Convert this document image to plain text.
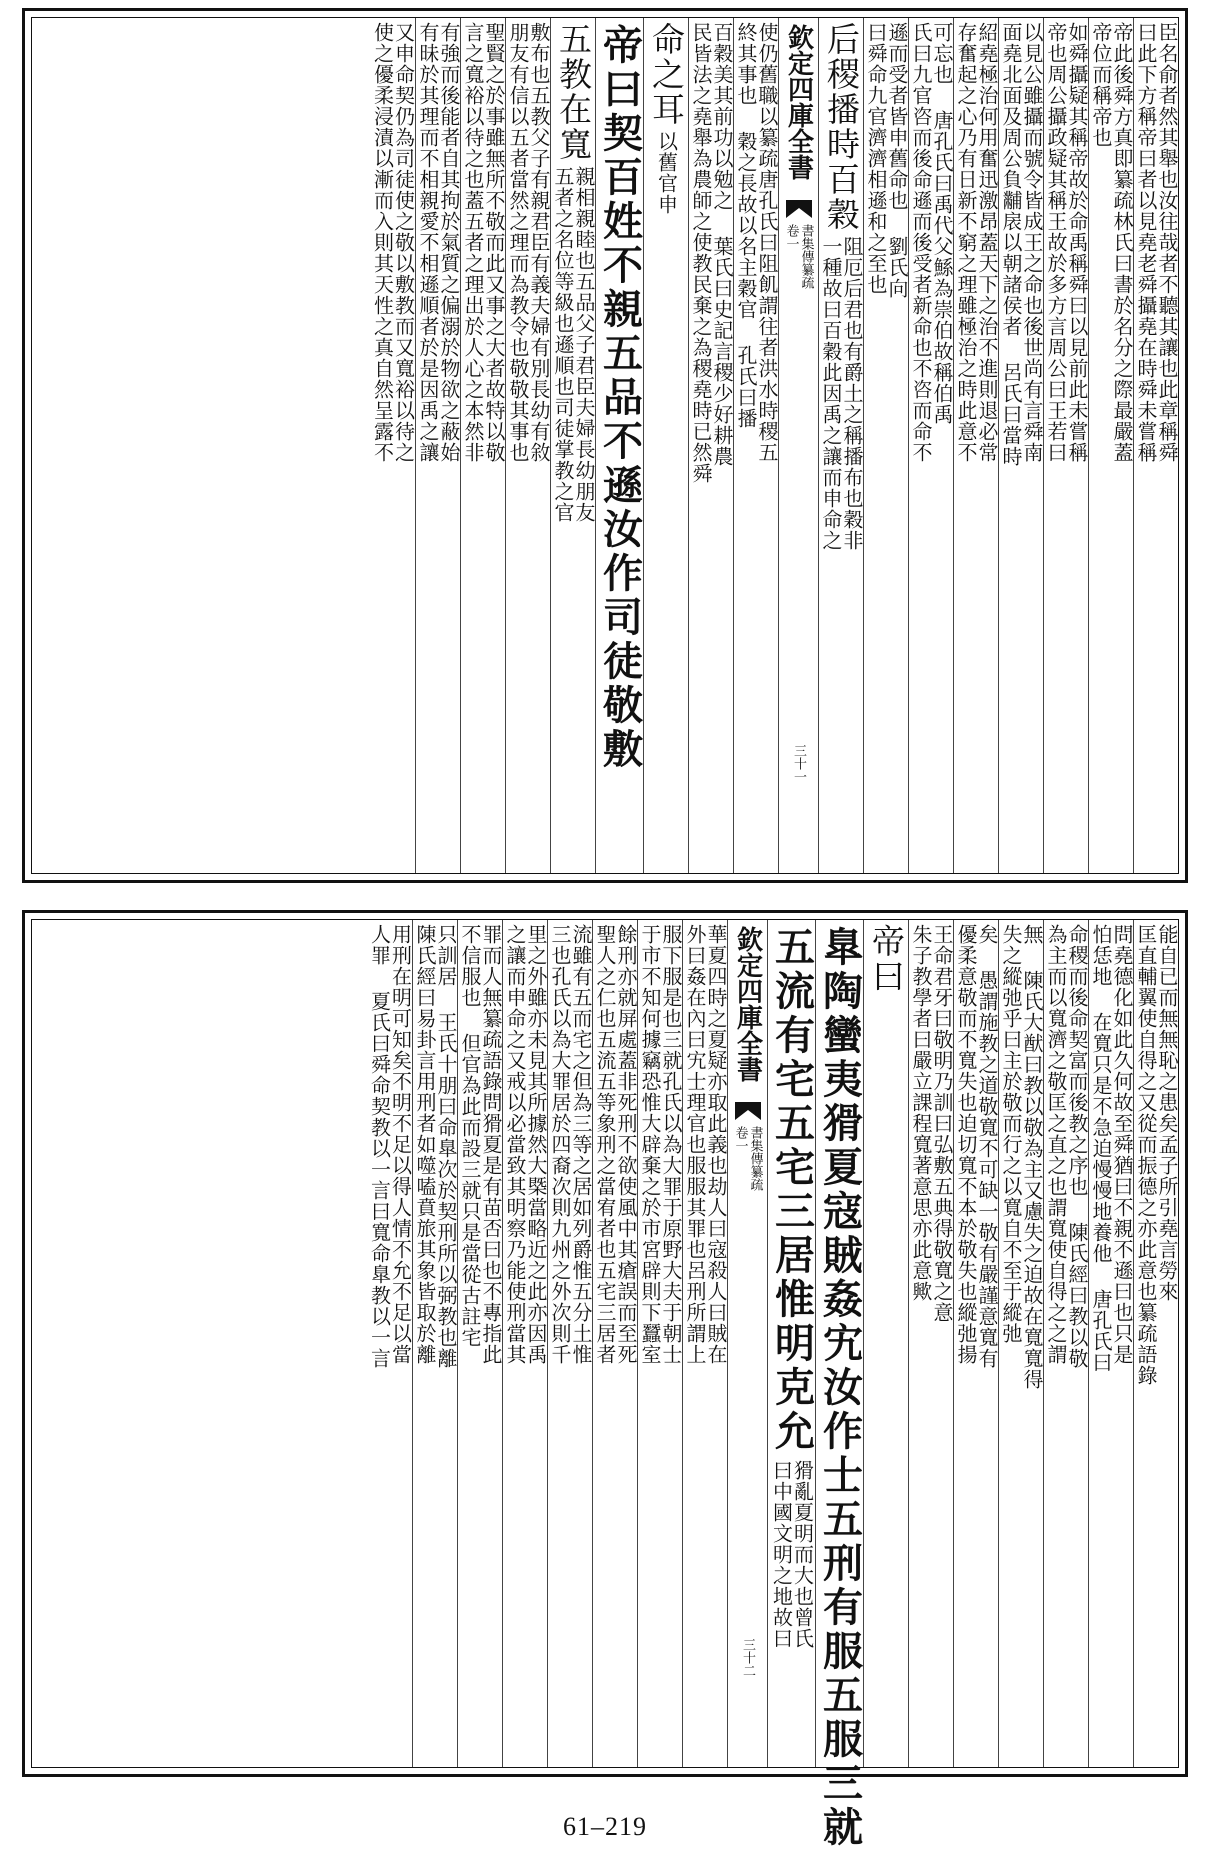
臣名俞者然其舉也汝往哉者不聽其讓也此章稱舜
曰此下方稱帝曰者以見堯老舜攝堯在時舜未嘗稱
帝此後舜方真即纂疏林氏曰書於名分之際最嚴蓋
帝位而稱帝也
如舜攝疑其稱帝故於命禹稱舜曰以見前此未嘗稱
帝也周公攝政疑其稱王故於多方言周公曰王若曰
以見公雖攝而號令皆成王之命也後世尚有言舜南
面堯北面及周公負黼扆以朝諸侯者 呂氏曰當時
紹堯極治何用奮迅激昂蓋天下之治不進則退必常
存奮起之心乃有日新不窮之理雖極治之時此意不
可忘也 唐孔氏曰禹代父鯀為崇伯故稱伯禹
氏曰九官咨而後命遜而後受者新命也不咨而命不
遜而受者皆申舊命也 劉氏向
曰舜命九官濟濟相遜和之至也
后稷播時百穀
阻厄后君也有爵土之稱播布也穀非
一種故曰百穀此因禹之讓而申命之
欽定四庫全書
書集傳纂疏
卷一
三十一
使仍舊職以纂疏唐孔氏曰阻飢謂往者洪水時稷五
終其事也 穀之長故以名主穀官 孔氏曰播
百穀美其前功以勉之 葉氏曰史記言稷少好耕農
民皆法之堯舉為農師之使教民棄之為稷堯時已然舜
命之耳
以舊官申
帝曰契百姓不親五品不遜汝作司徒敬敷
五教在寬
親相親睦也五品父子君臣夫婦長幼朋友
五者之名位等級也遜順也司徒掌教之官
敷布也五教父子有親君臣有義夫婦有別長幼有敘
朋友有信以五者當然之理而為教令也敬敬其事也
聖賢之於事雖無所不敬而此又事之大者故特以敬
言之寬裕以待之也蓋五者之理出於人心之本然非
有強而後能者自其拘於氣質之偏溺於物欲之蔽始
有昧於其理而不相親愛不相遜順者於是因禹之讓
又申命契仍為司徒使之敬以敷教而又寬裕以待之
使之優柔浸漬以漸而入則其天性之真自然呈露不
能自已而無無恥之患矣孟子所引堯言勞來
匡直輔翼使自得之又從而振德之亦此意也纂疏語錄
問堯德化如此久何故至舜猶曰不親不遜曰也只是
怕恁地 在寬只是不急迫慢慢地養他 唐孔氏曰
命稷而後命契富而後教之序也 陳氏經曰教以敬
為主而以寬濟之敬匡之直之也謂寬使自得之之謂
無 陳氏大猷曰教以敬為主又慮失之迫故在寬寬得
失之縱弛乎曰主於敬而行之以寬自不至于縱弛
矣 愚謂施教之道敬寬不可缺一敬有嚴謹意寬有
優柔意敬而不寬失也迫切寬不本於敬失也縱弛揚
王命君牙曰敬明乃訓曰弘敷五典得敬寬之意
朱子教學者曰嚴立課程寬著意思亦此意歟
帝曰
臯陶蠻夷猾夏寇賊姦宄汝作士五刑有服五服三就
五流有宅五宅三居惟明克允
猾亂夏明而大也曾氏
曰中國文明之地故曰
欽定四庫全書
書集傳纂疏
卷一
三十二
華夏四時之夏疑亦取此義也劫人曰寇殺人曰賊在
外曰姦在內曰宄士理官也服服其罪也呂刑所謂上
服下服是也三就孔氏以為大罪于原野大夫于朝士
于市不知何據竊恐惟大辟棄之於市宮辟則下蠶室
餘刑亦就屏處蓋非死刑不欲使風中其瘡誤而至死
聖人之仁也五流五等象刑之當宥者也五宅三居者
流雖有五而宅之但為三等之居如列爵惟五分土惟
三也孔氏以為大罪居於四裔次則九州之外次則千
里之外雖亦未見其所據然大槩當略近之此亦因禹
之讓而申命之又戒以必當致其明察乃能使刑當其
罪而人無纂疏語錄問猾夏是有苗否曰也不專指此
不信服也 但官為此而設三就只是當從古註宅
只訓居 王氏十朋曰命臯次於契刑所以弼教也離
陳氏經曰易卦言用刑者如噬嗑賁旅其象皆取於離
用刑在明可知矣不明不足以得人情不允不足以當
人罪 夏氏曰舜命契教以一言曰寬命臯教以一言
61–219
